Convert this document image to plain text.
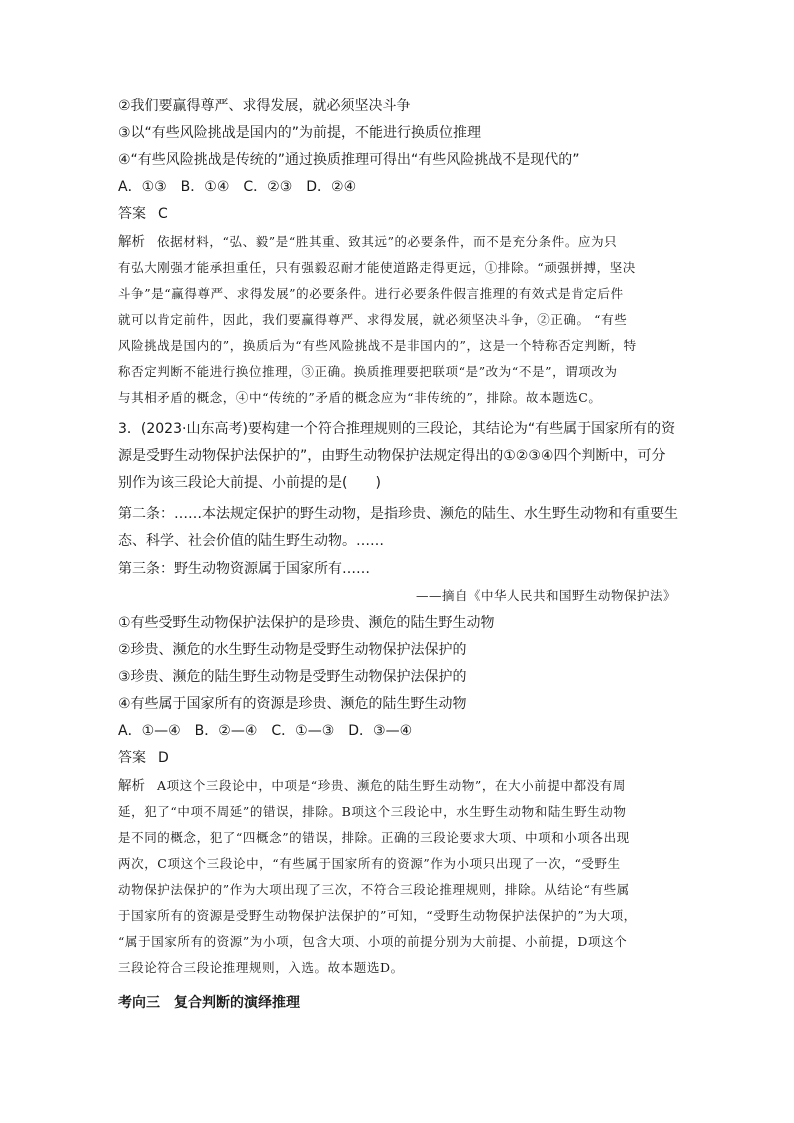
②我们要赢得尊严、求得发展，就必须坚决斗争
③以“有些风险挑战是国内的”为前提，不能进行换质位推理
④“有些风险挑战是传统的”通过换质推理可得出“有些风险挑战不是现代的”
A．①③　B．①④　C．②③　D．②④
答案 C
解析 依据材料，“弘、毅”是“胜其重、致其远”的必要条件，而不是充分条件。应为只
有弘大刚强才能承担重任，只有强毅忍耐才能使道路走得更远，①排除。“顽强拼搏，坚决
斗争”是“赢得尊严、求得发展”的必要条件。进行必要条件假言推理的有效式是肯定后件
就可以肯定前件，因此，我们要赢得尊严、求得发展，就必须坚决斗争，②正确。 “有些
风险挑战是国内的”，换质后为“有些风险挑战不是非国内的”，这是一个特称否定判断，特
称否定判断不能进行换位推理，③正确。换质推理要把联项“是”改为“不是”，谓项改为
与其相矛盾的概念，④中“传统的”矛盾的概念应为“非传统的”，排除。故本题选C。
3．(2023·山东高考)要构建一个符合推理规则的三段论，其结论为“有些属于国家所有的资
源是受野生动物保护法保护的”，由野生动物保护法规定得出的①②③④四个判断中，可分
别作为该三段论大前提、小前提的是(　　)
第二条：……本法规定保护的野生动物，是指珍贵、濒危的陆生、水生野生动物和有重要生
态、科学、社会价值的陆生野生动物。……
第三条：野生动物资源属于国家所有……
——摘自《中华人民共和国野生动物保护法》
①有些受野生动物保护法保护的是珍贵、濒危的陆生野生动物
②珍贵、濒危的水生野生动物是受野生动物保护法保护的
③珍贵、濒危的陆生野生动物是受野生动物保护法保护的
④有些属于国家所有的资源是珍贵、濒危的陆生野生动物
A．①—④　B．②—④　C．①—③　D．③—④
答案 D
解析 A项这个三段论中，中项是“珍贵、濒危的陆生野生动物”，在大小前提中都没有周
延，犯了“中项不周延”的错误，排除。B项这个三段论中，水生野生动物和陆生野生动物
是不同的概念，犯了“四概念”的错误，排除。正确的三段论要求大项、中项和小项各出现
两次，C项这个三段论中，“有些属于国家所有的资源”作为小项只出现了一次，“受野生
动物保护法保护的”作为大项出现了三次，不符合三段论推理规则，排除。从结论“有些属
于国家所有的资源是受野生动物保护法保护的”可知，“受野生动物保护法保护的”为大项，
“属于国家所有的资源”为小项，包含大项、小项的前提分别为大前提、小前提，D项这个
三段论符合三段论推理规则，入选。故本题选D。
考向三　复合判断的演绎推理
